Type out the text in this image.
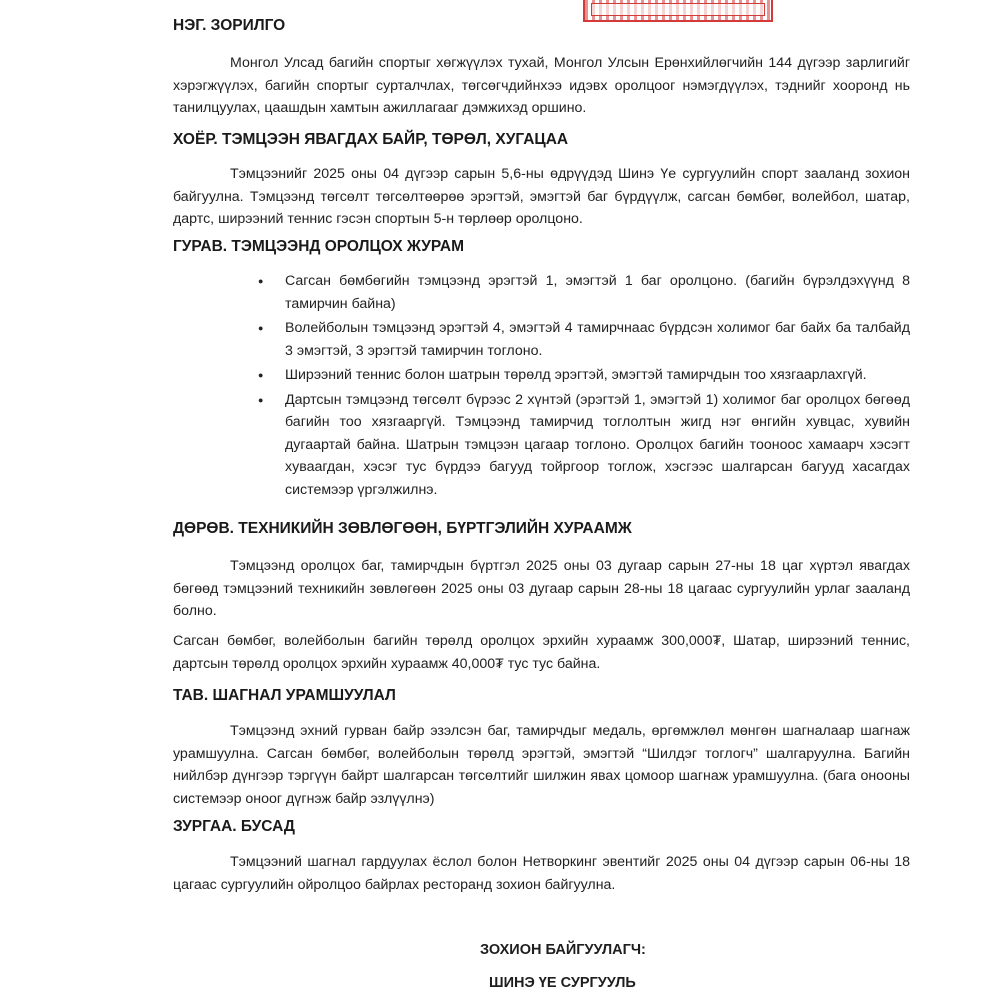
НЭГ. ЗОРИЛГО

Монгол Улсад багийн спортыг хөгжүүлэх тухай, Монгол Улсын Ерөнхийлөгчийн 144 дүгээр зарлигийг хэрэгжүүлэх, багийн спортыг сурталчлах, төгсөгчдийнхээ идэвх оролцоог нэмэгдүүлэх, тэднийг хооронд нь танилцуулах, цаашдын хамтын ажиллагааг дэмжихэд оршино.

ХОЁР. ТЭМЦЭЭН ЯВАГДАХ БАЙР, ТӨРӨЛ, ХУГАЦАА

Тэмцээнийг 2025 оны 04 дүгээр сарын 5,6-ны өдрүүдэд Шинэ Үе сургуулийн спорт зааланд зохион байгуулна. Тэмцээнд төгсөлт төгсөлтөөрөө эрэгтэй, эмэгтэй баг бүрдүүлж, сагсан бөмбөг, волейбол, шатар, дартс, ширээний теннис гэсэн спортын 5-н төрлөөр оролцоно.

ГУРАВ. ТЭМЦЭЭНД ОРОЛЦОХ ЖУРАМ
● Сагсан бөмбөгийн тэмцээнд эрэгтэй 1, эмэгтэй 1 баг оролцоно. (багийн бүрэлдэхүүнд 8 тамирчин байна)
● Волейболын тэмцээнд эрэгтэй 4, эмэгтэй 4 тамирчнаас бүрдсэн холимог баг байх ба талбайд 3 эмэгтэй, 3 эрэгтэй тамирчин тоглоно.
● Ширээний теннис болон шатрын төрөлд эрэгтэй, эмэгтэй тамирчдын тоо хязгаарлахгүй.
● Дартсын тэмцээнд төгсөлт бүрээс 2 хүнтэй (эрэгтэй 1, эмэгтэй 1) холимог баг оролцох бөгөөд багийн тоо хязгааргүй. Тэмцээнд тамирчид тоглолтын жигд нэг өнгийн хувцас, хувийн дугаартай байна. Шатрын тэмцээн цагаар тоглоно. Оролцох багийн тооноос хамаарч хэсэгт хуваагдан, хэсэг тус бүрдээ багууд тойргоор тоглож, хэсгээс шалгарсан багууд хасагдах системээр үргэлжилнэ.
ДӨРӨВ. ТЕХНИКИЙН ЗӨВЛӨГӨӨН, БҮРТГЭЛИЙН ХУРААМЖ

Тэмцээнд оролцох баг, тамирчдын бүртгэл 2025 оны 03 дугаар сарын 27-ны 18 цаг хүртэл явагдах бөгөөд тэмцээний техникийн зөвлөгөөн 2025 оны 03 дугаар сарын 28-ны 18 цагаас сургуулийн урлаг зааланд болно.

Сагсан бөмбөг, волейболын багийн төрөлд оролцох эрхийн хураамж 300,000₮, Шатар, ширээний теннис, дартсын төрөлд оролцох эрхийн хураамж 40,000₮ тус тус байна.

ТАВ. ШАГНАЛ УРАМШУУЛАЛ

Тэмцээнд эхний гурван байр эзэлсэн баг, тамирчдыг медаль, өргөмжлөл мөнгөн шагналаар шагнаж урамшуулна. Сагсан бөмбөг, волейболын төрөлд эрэгтэй, эмэгтэй “Шилдэг тоглогч” шалгаруулна. Багийн нийлбэр дүнгээр тэргүүн байрт шалгарсан төгсөлтийг шилжин явах цомоор шагнаж урамшуулна. (бага онооны системээр оноог дүгнэж байр эзлүүлнэ)

ЗУРГАА. БУСАД

Тэмцээний шагнал гардуулах ёслол болон Нетворкинг эвентийг 2025 оны 04 дүгээр сарын 06-ны 18 цагаас сургуулийн ойролцоо байрлах ресторанд зохион байгуулна.

ЗОХИОН БАЙГУУЛАГЧ:

ШИНЭ ҮЕ СУРГУУЛЬ
